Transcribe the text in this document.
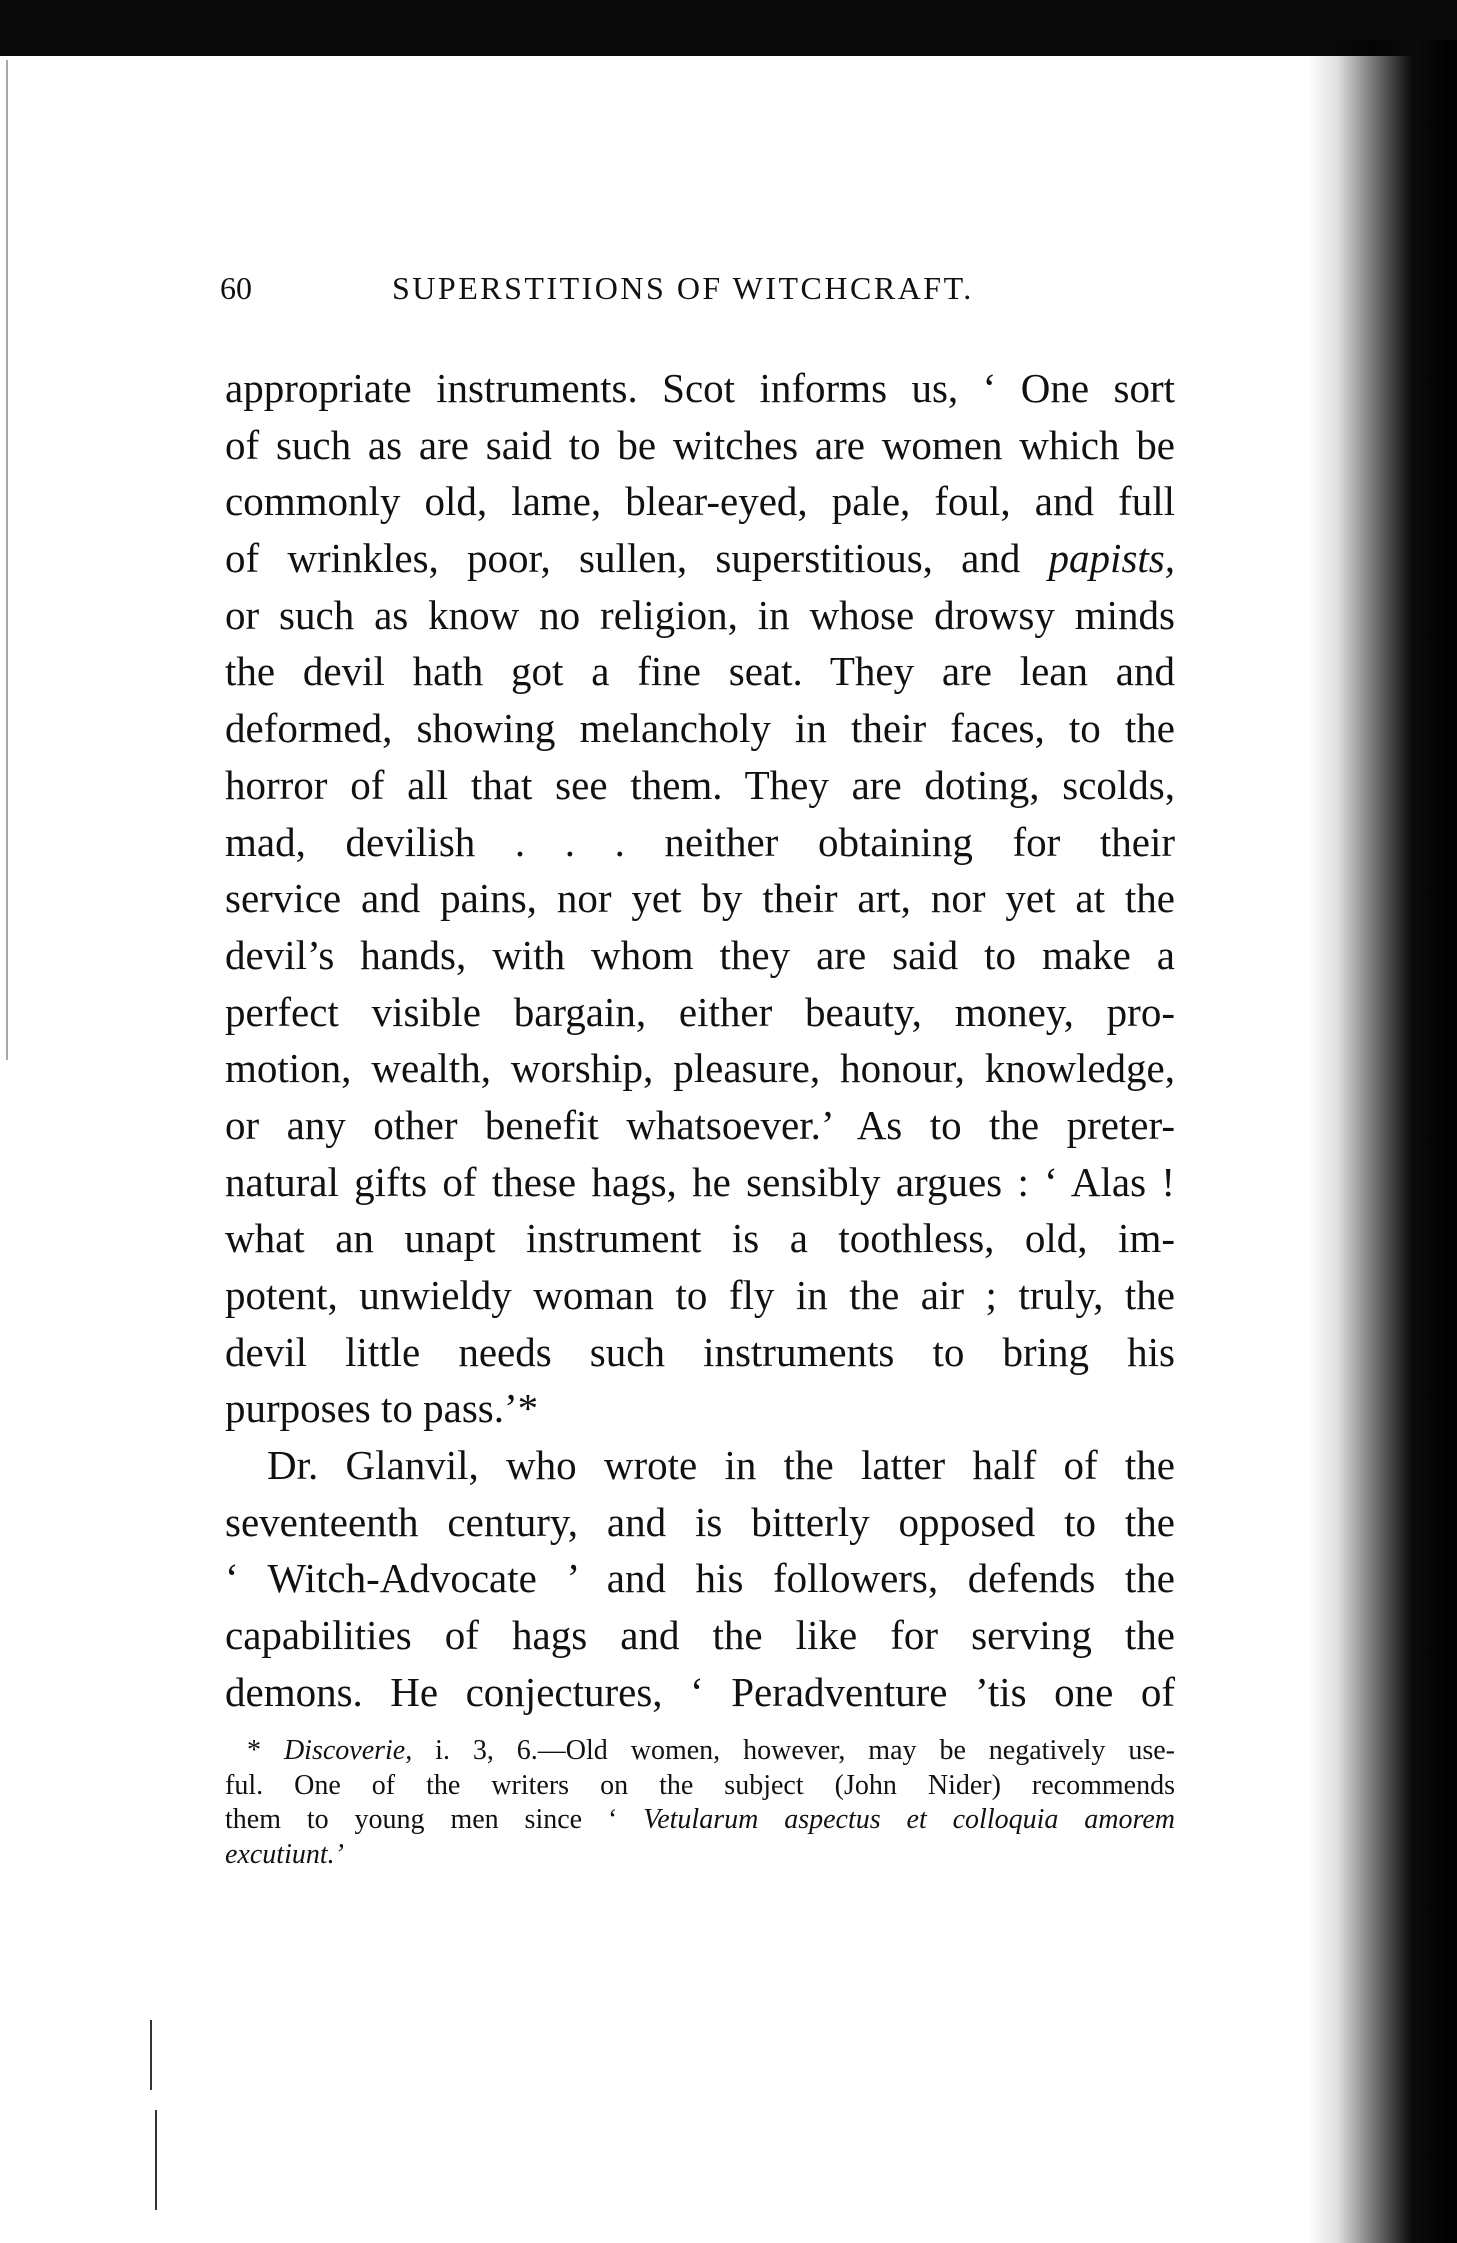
60	SUPERSTITIONS OF WITCHCRAFT.
appropriate instruments. Scot informs us, ‘ One sort
of such as are said to be witches are women which be
commonly old, lame, blear-eyed, pale, foul, and full
of wrinkles, poor, sullen, superstitious, and papists,
or such as know no religion, in whose drowsy minds
the devil hath got a fine seat. They are lean and
deformed, showing melancholy in their faces, to the
horror of all that see them. They are doting, scolds,
mad, devilish . . . neither obtaining for their
service and pains, nor yet by their art, nor yet at the
devil’s hands, with whom they are said to make a
perfect visible bargain, either beauty, money, pro-
motion, wealth, worship, pleasure, honour, knowledge,
or any other benefit whatsoever.’ As to the preter-
natural gifts of these hags, he sensibly argues : ‘ Alas !
what an unapt instrument is a toothless, old, im-
potent, unwieldy woman to fly in the air ; truly, the
devil little needs such instruments to bring his
purposes to pass.’*
Dr. Glanvil, who wrote in the latter half of the
seventeenth century, and is bitterly opposed to the
‘ Witch-Advocate ’ and his followers, defends the
capabilities of hags and the like for serving the
demons. He conjectures, ‘ Peradventure ’tis one of
* Discoverie, i. 3, 6.—Old women, however, may be negatively use-
ful. One of the writers on the subject (John Nider) recommends
them to young men since ‘ Vetularum aspectus et colloquia amorem
excutiunt.’
